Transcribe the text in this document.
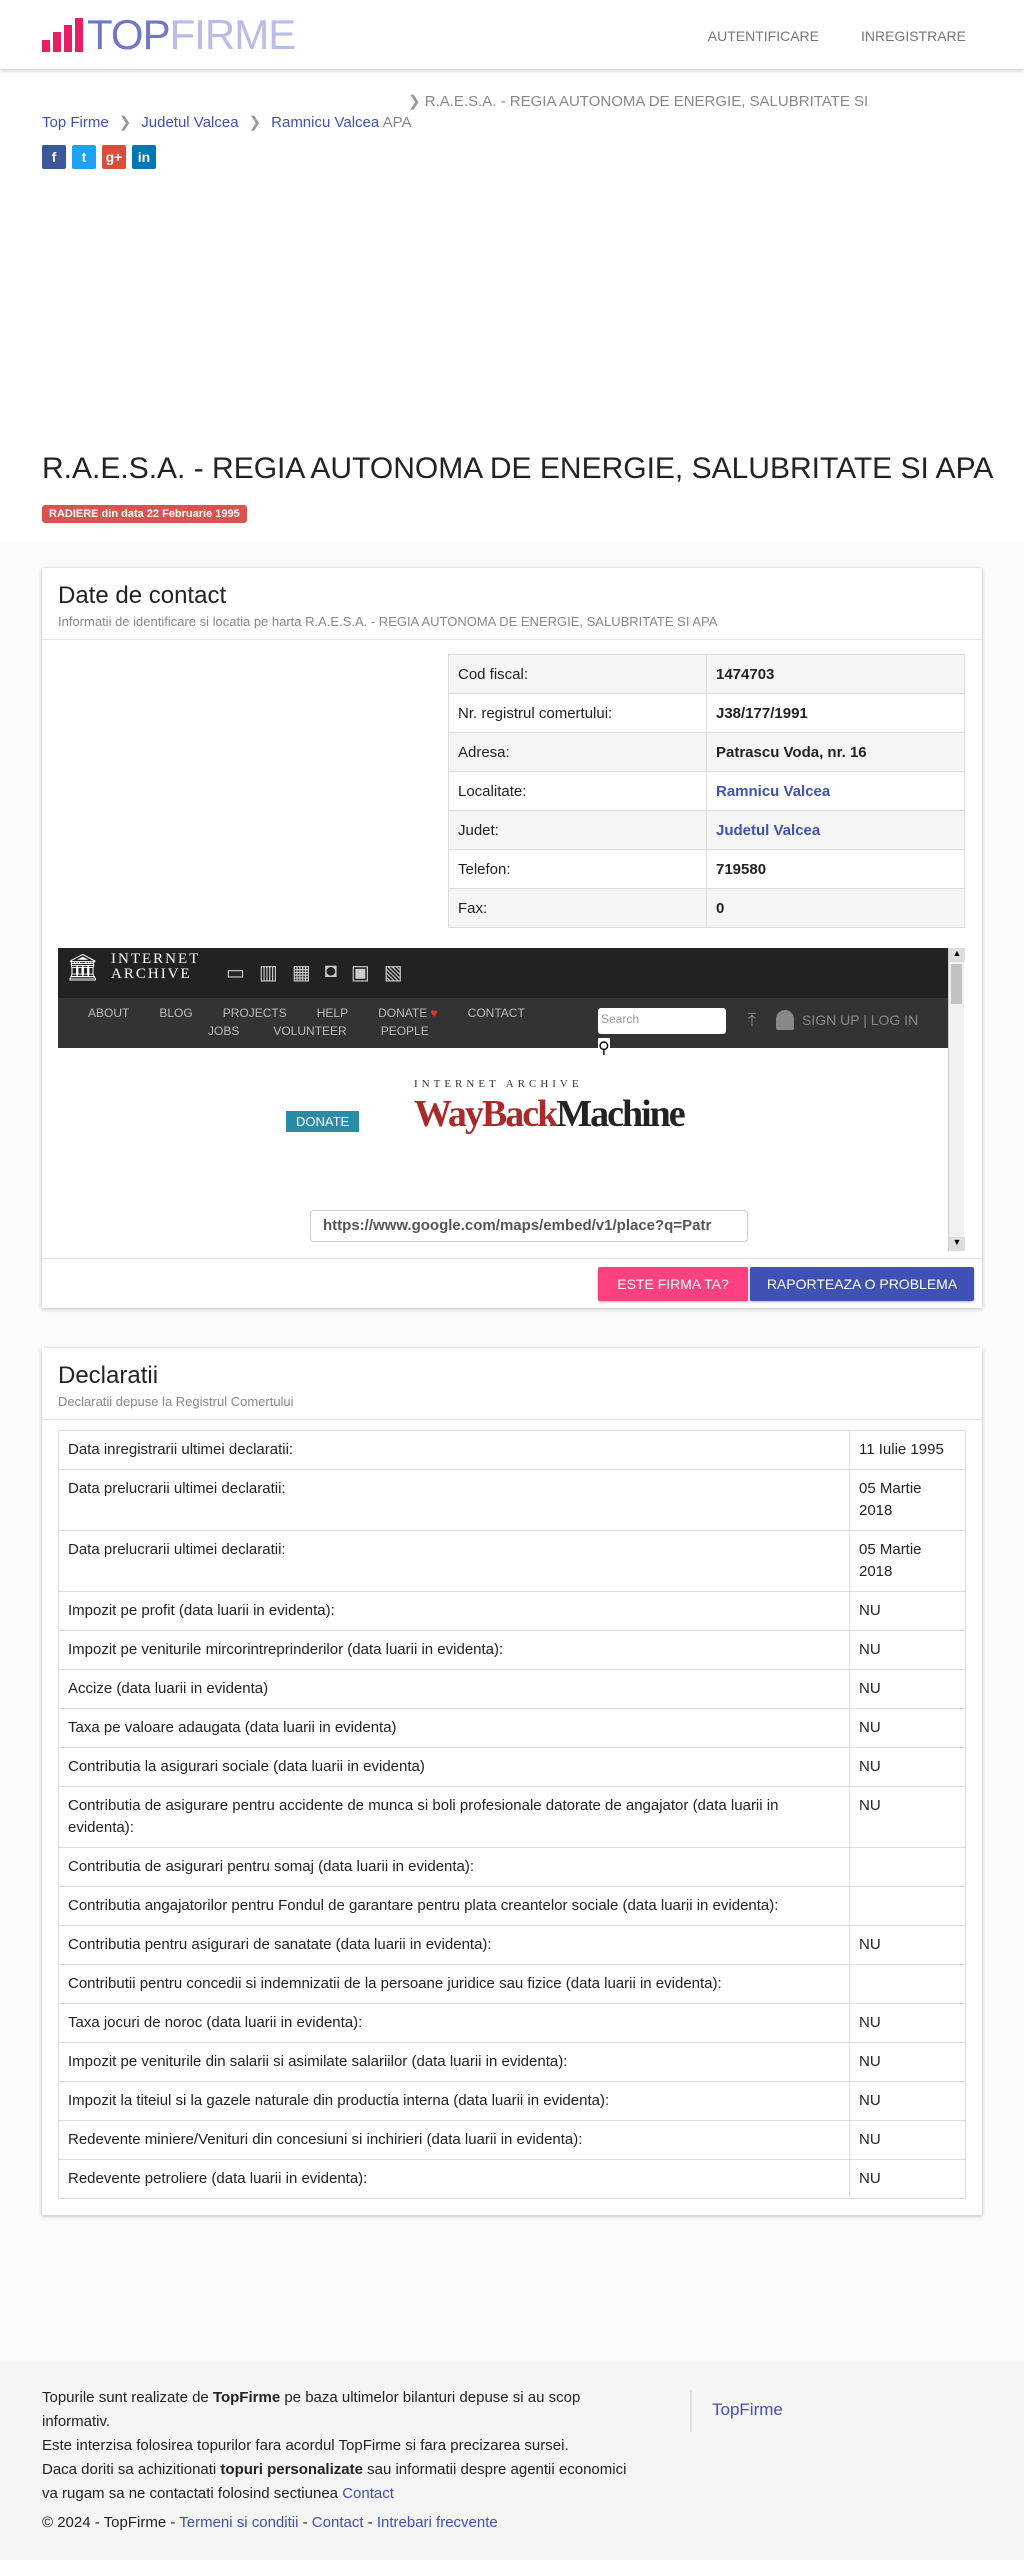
TOPFIRME	AUTENTIFICARE	INREGISTRARE
❯ R.A.E.S.A. - REGIA AUTONOMA DE ENERGIE, SALUBRITATE SI
Top Firme ❯ Judetul Valcea ❯ Ramnicu Valcea APA
f	t	g+	in
R.A.E.S.A. - REGIA AUTONOMA DE ENERGIE, SALUBRITATE SI APA
RADIERE din data 22 Februarie 1995
Date de contact
Informatii de identificare si locatia pe harta R.A.E.S.A. - REGIA AUTONOMA DE ENERGIE, SALUBRITATE SI APA
Cod fiscal:	1474703
Nr. registrul comertului:	J38/177/1991
Adresa:	Patrascu Voda, nr. 16
Localitate:	Ramnicu Valcea
Judet:	Judetul Valcea
Telefon:	719580
Fax:	0
🏛 INTERNET
ARCHIVE	▭ ▥ ▦ ◘ ▣ ▧
ABOUT	BLOG	PROJECTS	HELP	DONATE ♥	CONTACT
JOBS	VOLUNTEER	PEOPLE
Search
⚲
⤒	SIGN UP | LOG IN
DONATE
INTERNET ARCHIVE
WayBackMachine
https://www.google.com/maps/embed/v1/place?q=Patr
▲
▼
ESTE FIRMA TA?	RAPORTEAZA O PROBLEMA
Declaratii
Declaratii depuse la Registrul Comertului
Data inregistrarii ultimei declaratii:	11 Iulie 1995
Data prelucrarii ultimei declaratii:	05 Martie 2018
Data prelucrarii ultimei declaratii:	05 Martie 2018
Impozit pe profit (data luarii in evidenta):	NU
Impozit pe veniturile mircorintreprinderilor (data luarii in evidenta):	NU
Accize (data luarii in evidenta)	NU
Taxa pe valoare adaugata (data luarii in evidenta)	NU
Contributia la asigurari sociale (data luarii in evidenta)	NU
Contributia de asigurare pentru accidente de munca si boli profesionale datorate de angajator (data luarii in evidenta):	NU
Contributia de asigurari pentru somaj (data luarii in evidenta):	
Contributia angajatorilor pentru Fondul de garantare pentru plata creantelor sociale (data luarii in evidenta):	
Contributia pentru asigurari de sanatate (data luarii in evidenta):	NU
Contributii pentru concedii si indemnizatii de la persoane juridice sau fizice (data luarii in evidenta):	
Taxa jocuri de noroc (data luarii in evidenta):	NU
Impozit pe veniturile din salarii si asimilate salariilor (data luarii in evidenta):	NU
Impozit la titeiul si la gazele naturale din productia interna (data luarii in evidenta):	NU
Redevente miniere/Venituri din concesiuni si inchirieri (data luarii in evidenta):	NU
Redevente petroliere (data luarii in evidenta):	NU
Topurile sunt realizate de TopFirme pe baza ultimelor bilanturi depuse si au scop informativ.
Este interzisa folosirea topurilor fara acordul TopFirme si fara precizarea sursei.
Daca doriti sa achizitionati topuri personalizate sau informatii despre agentii economici va rugam sa ne contactati folosind sectiunea Contact
TopFirme
© 2024 - TopFirme - Termeni si conditii - Contact - Intrebari frecvente
